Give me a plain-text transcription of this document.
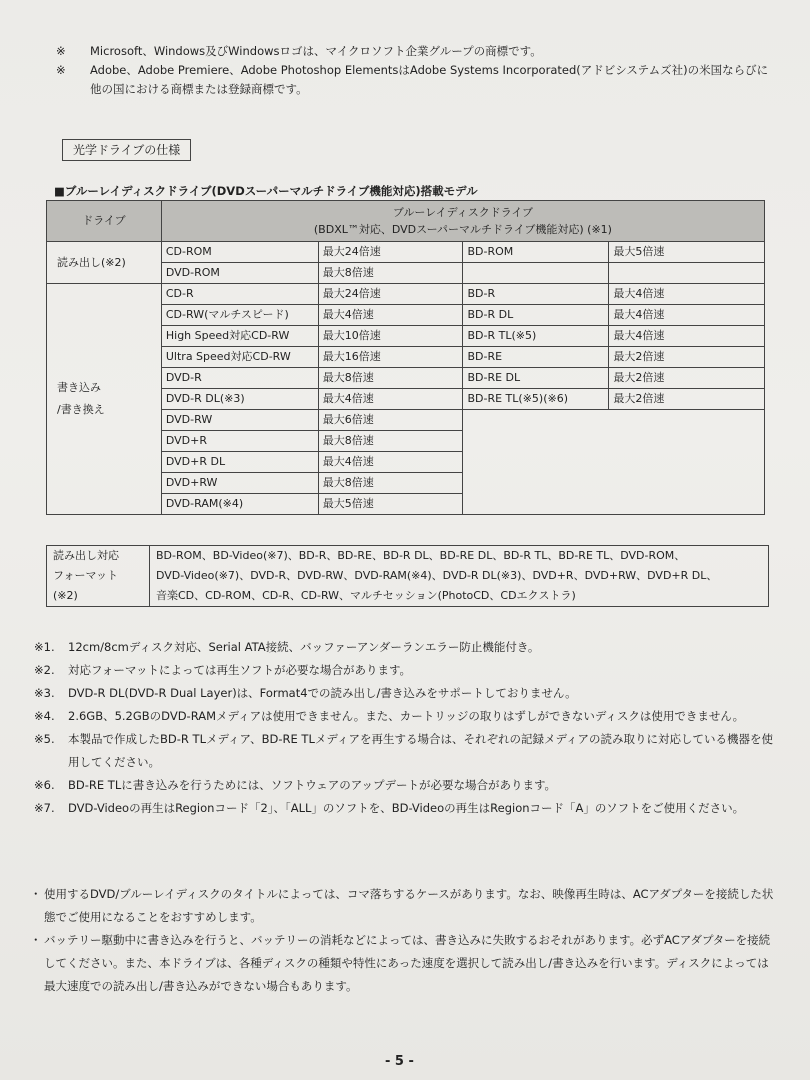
※	Microsoft、Windows及びWindowsロゴは、マイクロソフト企業グループの商標です。
※	Adobe、Adobe Premiere、Adobe Photoshop ElementsはAdobe Systems Incorporated(アドビシステムズ社)の米国ならびに他の国における商標または登録商標です。
光学ドライブの仕様
■ブルーレイディスクドライブ(DVDスーパーマルチドライブ機能対応)搭載モデル
ドライブ	ブルーレイディスクドライブ
(BDXL™対応、DVDスーパーマルチドライブ機能対応) (※1)			

読み出し(※2)	CD-ROM	最大24倍速	BD-ROM	最大5倍速
	DVD-ROM	最大8倍速		

書き込み
/書き換え	CD-R	最大24倍速	BD-R	最大4倍速
	CD-RW(マルチスピード)	最大4倍速	BD-R DL	最大4倍速
	High Speed対応CD-RW	最大10倍速	BD-R TL(※5)	最大4倍速
	Ultra Speed対応CD-RW	最大16倍速	BD-RE	最大2倍速
	DVD-R	最大8倍速	BD-RE DL	最大2倍速
	DVD-R DL(※3)	最大4倍速	BD-RE TL(※5)(※6)	最大2倍速
	DVD-RW	最大6倍速		
	DVD+R	最大8倍速		
	DVD+R DL	最大4倍速		
	DVD+RW	最大8倍速		
	DVD-RAM(※4)	最大5倍速		
読み出し対応
フォーマット
(※2)

BD-ROM、BD-Video(※7)、BD-R、BD-RE、BD-R DL、BD-RE DL、BD-R TL、BD-RE TL、DVD-ROM、
DVD-Video(※7)、DVD-R、DVD-RW、DVD-RAM(※4)、DVD-R DL(※3)、DVD+R、DVD+RW、DVD+R DL、
音楽CD、CD-ROM、CD-R、CD-RW、マルチセッション(PhotoCD、CDエクストラ)
※1.	12cm/8cmディスク対応、Serial ATA接続、バッファーアンダーランエラー防止機能付き。
※2.	対応フォーマットによっては再生ソフトが必要な場合があります。
※3.	DVD-R DL(DVD-R Dual Layer)は、Format4での読み出し/書き込みをサポートしておりません。
※4.	2.6GB、5.2GBのDVD-RAMメディアは使用できません。また、カートリッジの取りはずしができないディスクは使用できません。
※5.	本製品で作成したBD-R TLメディア、BD-RE TLメディアを再生する場合は、それぞれの記録メディアの読み取りに対応している機器を使用してください。
※6.	BD-RE TLに書き込みを行うためには、ソフトウェアのアップデートが必要な場合があります。
※7.	DVD-Videoの再生はRegionコード「2」、「ALL」のソフトを、BD-Videoの再生はRegionコード「A」のソフトをご使用ください。
・ 使用するDVD/ブルーレイディスクのタイトルによっては、コマ落ちするケースがあります。なお、映像再生時は、ACアダプターを接続した状態でご使用になることをおすすめします。
・ バッテリー駆動中に書き込みを行うと、バッテリーの消耗などによっては、書き込みに失敗するおそれがあります。必ずACアダプターを接続してください。また、本ドライブは、各種ディスクの種類や特性にあった速度を選択して読み出し/書き込みを行います。ディスクによっては最大速度での読み出し/書き込みができない場合もあります。
- 5 -
